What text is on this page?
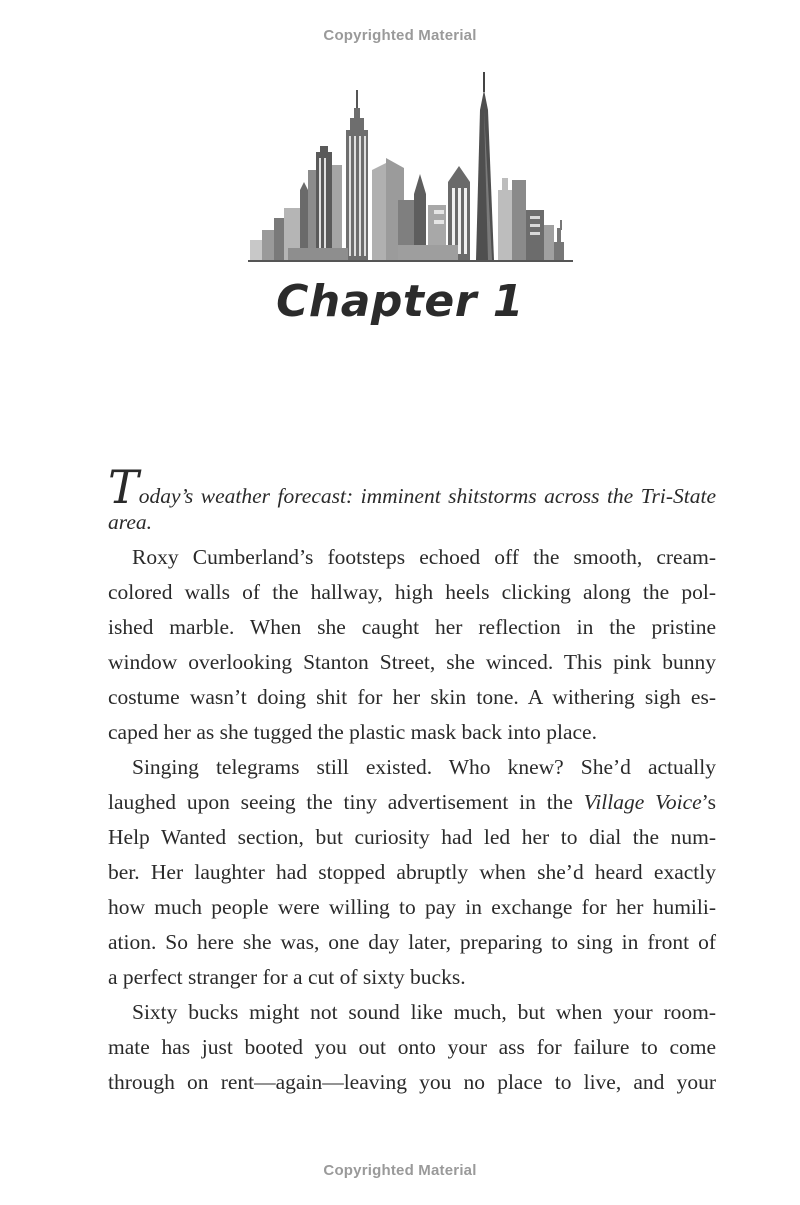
Copyrighted Material
Chapter 1
Today’s weather forecast: imminent shitstorms across the Tri-State
area.
Roxy Cumberland’s footsteps echoed off the smooth, cream-
colored walls of the hallway, high heels clicking along the pol-
ished marble. When she caught her reflection in the pristine
window overlooking Stanton Street, she winced. This pink bunny
costume wasn’t doing shit for her skin tone. A withering sigh es-
caped her as she tugged the plastic mask back into place.
Singing telegrams still existed. Who knew? She’d actually
laughed upon seeing the tiny advertisement in the Village Voice’s
Help Wanted section, but curiosity had led her to dial the num-
ber. Her laughter had stopped abruptly when she’d heard exactly
how much people were willing to pay in exchange for her humili-
ation. So here she was, one day later, preparing to sing in front of
a perfect stranger for a cut of sixty bucks.
Sixty bucks might not sound like much, but when your room-
mate has just booted you out onto your ass for failure to come
through on rent—again—leaving you no place to live, and your
Copyrighted Material
